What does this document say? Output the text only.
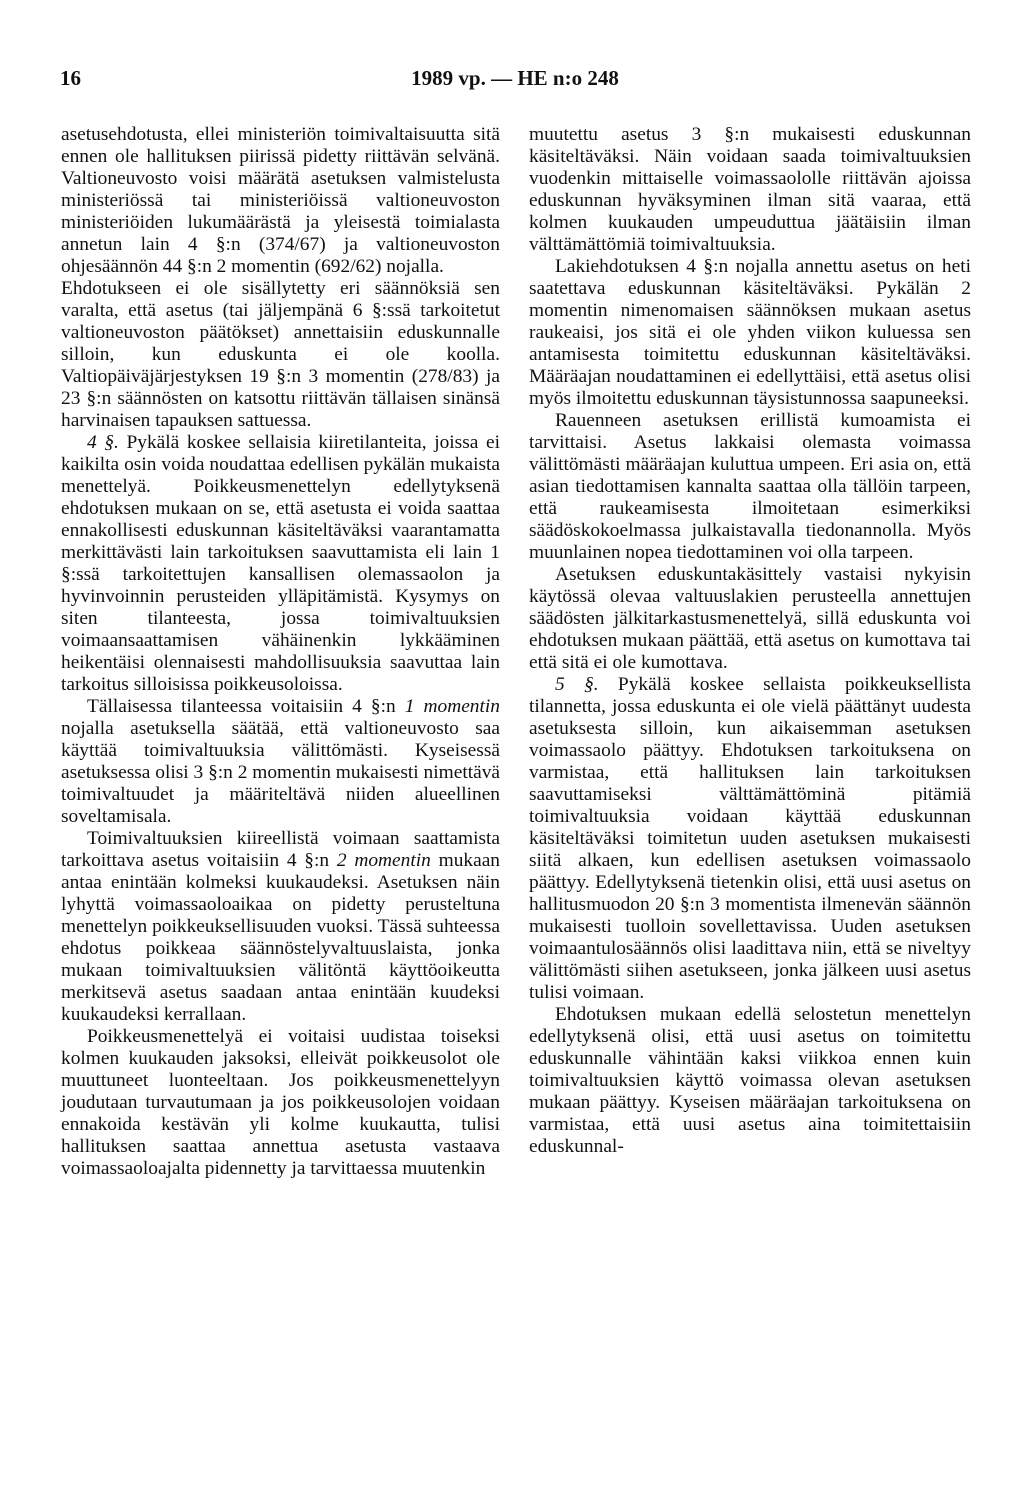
16	1989 vp. — HE n:o 248

asetusehdotusta, ellei ministeriön toimivaltaisuutta sitä ennen ole hallituksen piirissä pidetty riittävän selvänä. Valtioneuvosto voisi määrätä asetuksen valmistelusta ministeriössä tai ministeriöissä valtioneuvoston ministeriöiden lukumäärästä ja yleisestä toimialasta annetun lain 4 §:n (374/67) ja valtioneuvoston ohjesäännön 44 §:n 2 momentin (692/62) nojalla.

Ehdotukseen ei ole sisällytetty eri säännöksiä sen varalta, että asetus (tai jäljempänä 6 §:ssä tarkoitetut valtioneuvoston päätökset) annettaisiin eduskunnalle silloin, kun eduskunta ei ole koolla. Valtiopäiväjärjestyksen 19 §:n 3 momentin (278/83) ja 23 §:n säännösten on katsottu riittävän tällaisen sinänsä harvinaisen tapauksen sattuessa.

4 §. Pykälä koskee sellaisia kiiretilanteita, joissa ei kaikilta osin voida noudattaa edellisen pykälän mukaista menettelyä. Poikkeusmenettelyn edellytyksenä ehdotuksen mukaan on se, että asetusta ei voida saattaa ennakollisesti eduskunnan käsiteltäväksi vaarantamatta merkittävästi lain tarkoituksen saavuttamista eli lain 1 §:ssä tarkoitettujen kansallisen olemassaolon ja hyvinvoinnin perusteiden ylläpitämistä. Kysymys on siten tilanteesta, jossa toimivaltuuksien voimaansaattamisen vähäinenkin lykkääminen heikentäisi olennaisesti mahdollisuuksia saavuttaa lain tarkoitus silloisissa poikkeusoloissa.

Tällaisessa tilanteessa voitaisiin 4 §:n 1 momentin nojalla asetuksella säätää, että valtioneuvosto saa käyttää toimivaltuuksia välittömästi. Kyseisessä asetuksessa olisi 3 §:n 2 momentin mukaisesti nimettävä toimivaltuudet ja määriteltävä niiden alueellinen soveltamisala.

Toimivaltuuksien kiireellistä voimaan saattamista tarkoittava asetus voitaisiin 4 §:n 2 momentin mukaan antaa enintään kolmeksi kuukaudeksi. Asetuksen näin lyhyttä voimassaoloaikaa on pidetty perusteltuna menettelyn poikkeuksellisuuden vuoksi. Tässä suhteessa ehdotus poikkeaa säännöstelyvaltuuslaista, jonka mukaan toimivaltuuksien välitöntä käyttöoikeutta merkitsevä asetus saadaan antaa enintään kuudeksi kuukaudeksi kerrallaan.

Poikkeusmenettelyä ei voitaisi uudistaa toiseksi kolmen kuukauden jaksoksi, elleivät poikkeusolot ole muuttuneet luonteeltaan. Jos poikkeusmenettelyyn joudutaan turvautumaan ja jos poikkeusolojen voidaan ennakoida kestävän yli kolme kuukautta, tulisi hallituksen saattaa annettua asetusta vastaava voimassaoloajalta pidennetty ja tarvittaessa muutenkin

muutettu asetus 3 §:n mukaisesti eduskunnan käsiteltäväksi. Näin voidaan saada toimivaltuuksien vuodenkin mittaiselle voimassaololle riittävän ajoissa eduskunnan hyväksyminen ilman sitä vaaraa, että kolmen kuukauden umpeuduttua jäätäisiin ilman välttämättömiä toimivaltuuksia.

Lakiehdotuksen 4 §:n nojalla annettu asetus on heti saatettava eduskunnan käsiteltäväksi. Pykälän 2 momentin nimenomaisen säännöksen mukaan asetus raukeaisi, jos sitä ei ole yhden viikon kuluessa sen antamisesta toimitettu eduskunnan käsiteltäväksi. Määräajan noudattaminen ei edellyttäisi, että asetus olisi myös ilmoitettu eduskunnan täysistunnossa saapuneeksi.

Rauenneen asetuksen erillistä kumoamista ei tarvittaisi. Asetus lakkaisi olemasta voimassa välittömästi määräajan kuluttua umpeen. Eri asia on, että asian tiedottamisen kannalta saattaa olla tällöin tarpeen, että raukeamisesta ilmoitetaan esimerkiksi säädöskokoelmassa julkaistavalla tiedonannolla. Myös muunlainen nopea tiedottaminen voi olla tarpeen.

Asetuksen eduskuntakäsittely vastaisi nykyisin käytössä olevaa valtuuslakien perusteella annettujen säädösten jälkitarkastusmenettelyä, sillä eduskunta voi ehdotuksen mukaan päättää, että asetus on kumottava tai että sitä ei ole kumottava.

5 §. Pykälä koskee sellaista poikkeuksellista tilannetta, jossa eduskunta ei ole vielä päättänyt uudesta asetuksesta silloin, kun aikaisemman asetuksen voimassaolo päättyy. Ehdotuksen tarkoituksena on varmistaa, että hallituksen lain tarkoituksen saavuttamiseksi välttämättöminä pitämiä toimivaltuuksia voidaan käyttää eduskunnan käsiteltäväksi toimitetun uuden asetuksen mukaisesti siitä alkaen, kun edellisen asetuksen voimassaolo päättyy. Edellytyksenä tietenkin olisi, että uusi asetus on hallitusmuodon 20 §:n 3 momentista ilmenevän säännön mukaisesti tuolloin sovellettavissa. Uuden asetuksen voimaantulosäännös olisi laadittava niin, että se niveltyy välittömästi siihen asetukseen, jonka jälkeen uusi asetus tulisi voimaan.

Ehdotuksen mukaan edellä selostetun menettelyn edellytyksenä olisi, että uusi asetus on toimitettu eduskunnalle vähintään kaksi viikkoa ennen kuin toimivaltuuksien käyttö voimassa olevan asetuksen mukaan päättyy. Kyseisen määräajan tarkoituksena on varmistaa, että uusi asetus aina toimitettaisiin eduskunnal-
